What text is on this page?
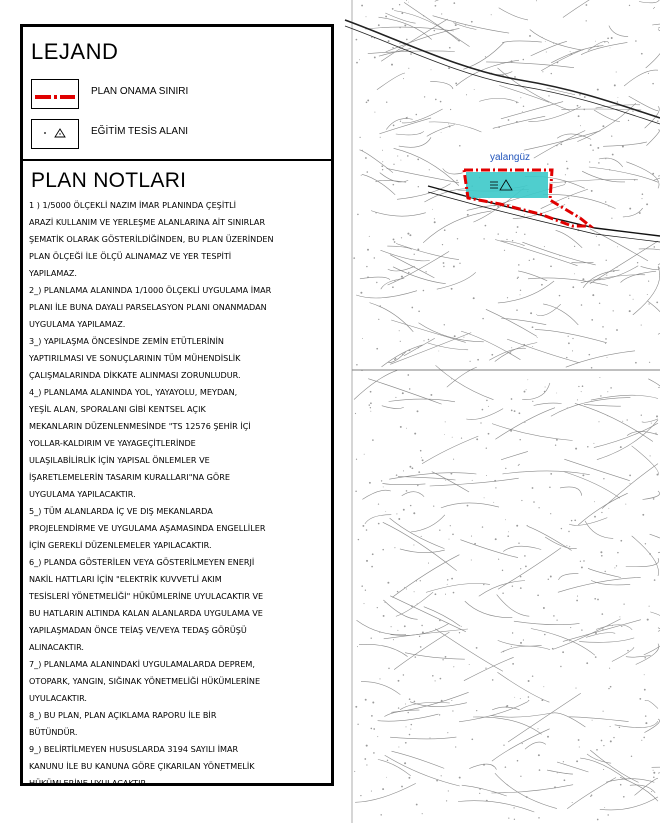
yalangüz
LEJAND
PLAN ONAMA SINIRI
EĞİTİM TESİS ALANI
PLAN NOTLARI
1 ) 1/5000 ÖLÇEKLİ NAZIM İMAR PLANINDA ÇEŞİTLİ
ARAZİ KULLANIM VE YERLEŞME ALANLARINA AİT SINIRLAR
ŞEMATİK OLARAK GÖSTERİLDİĞİNDEN, BU PLAN ÜZERİNDEN
PLAN ÖLÇEĞİ İLE ÖLÇÜ ALINAMAZ VE YER TESPİTİ
YAPILAMAZ.
2_) PLANLAMA ALANINDA 1/1000 ÖLÇEKLİ UYGULAMA İMAR
PLANI İLE BUNA DAYALI PARSELASYON PLANI ONANMADAN
UYGULAMA YAPILAMAZ.
3_) YAPILAŞMA ÖNCESİNDE ZEMİN ETÜTLERİNİN
YAPTIRILMASI VE SONUÇLARININ TÜM MÜHENDİSLİK
ÇALIŞMALARINDA DİKKATE ALINMASI ZORUNLUDUR.
4_) PLANLAMA ALANINDA YOL, YAYAYOLU, MEYDAN,
YEŞİL ALAN, SPORALANI GİBİ KENTSEL AÇIK
MEKANLARIN DÜZENLENMESİNDE "TS 12576 ŞEHİR İÇİ
YOLLAR-KALDIRIM VE YAYAGEÇİTLERİNDE
ULAŞILABİLİRLİK İÇİN YAPISAL ÖNLEMLER VE
İŞARETLEMELERİN TASARIM KURALLARI"NA GÖRE
UYGULAMA YAPILACAKTIR.
5_) TÜM ALANLARDA İÇ VE DIŞ MEKANLARDA
PROJELENDİRME VE UYGULAMA AŞAMASINDA ENGELLİLER
İÇİN GEREKLİ DÜZENLEMELER YAPILACAKTIR.
6_) PLANDA GÖSTERİLEN VEYA GÖSTERİLMEYEN ENERJİ
NAKİL HATTLARI İÇİN "ELEKTRİK KUVVETLİ AKIM
TESİSLERİ YÖNETMELİĞİ" HÜKÜMLERİNE UYULACAKTIR VE
BU HATLARIN ALTINDA KALAN ALANLARDA UYGULAMA VE
YAPILAŞMADAN ÖNCE TEİAŞ VE/VEYA TEDAŞ GÖRÜŞÜ
ALINACAKTIR.
7_) PLANLAMA ALANINDAKİ UYGULAMALARDA DEPREM,
OTOPARK, YANGIN, SIĞINAK YÖNETMELİĞİ HÜKÜMLERİNE
UYULACAKTIR.
8_) BU PLAN, PLAN AÇIKLAMA RAPORU İLE BİR
BÜTÜNDÜR.
9_) BELİRTİLMEYEN HUSUSLARDA 3194 SAYILI İMAR
KANUNU İLE BU KANUNA GÖRE ÇIKARILAN YÖNETMELİK
HÜKÜMLERİNE UYULACAKTIR.
